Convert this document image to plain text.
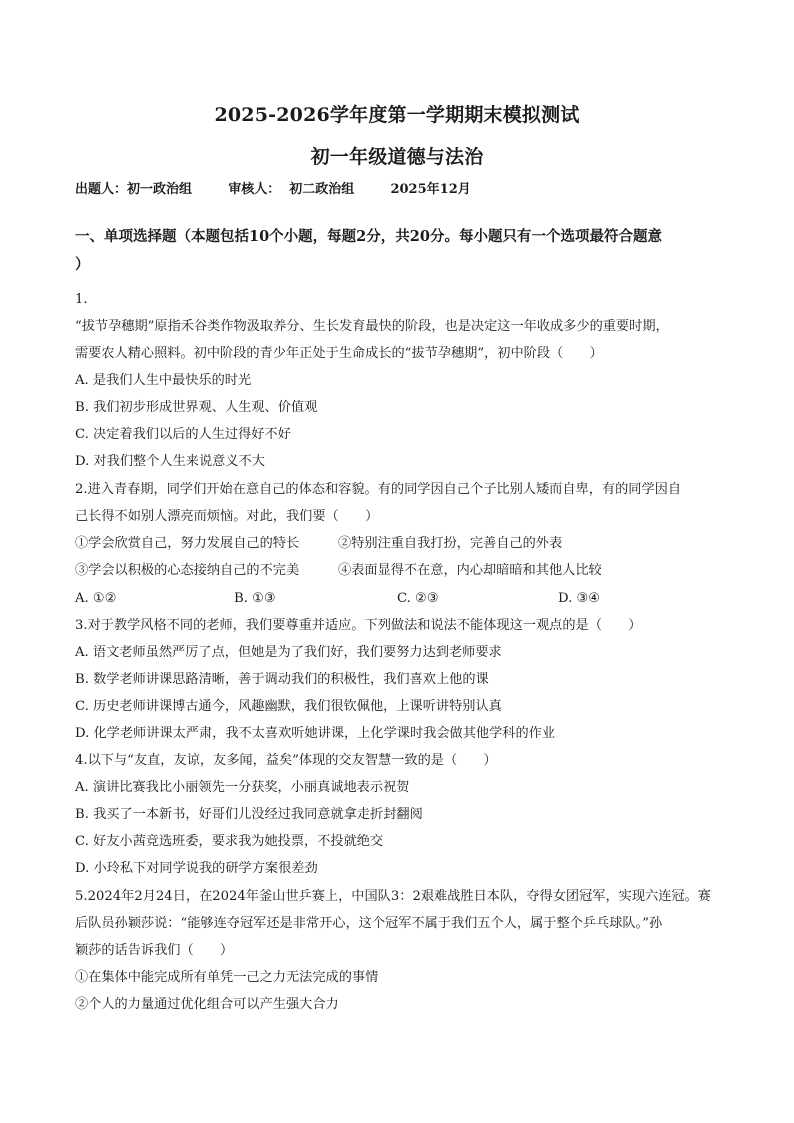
2025-2026学年度第一学期期末模拟测试
初一年级道德与法治
出题人：初一政治组        审核人：  初二政治组        2025年12月
一、单项选择题（本题包括10个小题，每题2分，共20分。每小题只有一个选项最符合题意
）
1.
“拔节孕穗期”原指禾谷类作物汲取养分、生长发育最快的阶段，也是决定这一年收成多少的重要时期，
需要农人精心照料。初中阶段的青少年正处于生命成长的“拔节孕穗期”，初中阶段（　　）
A. 是我们人生中最快乐的时光
B. 我们初步形成世界观、人生观、价值观
C. 决定着我们以后的人生过得好不好
D. 对我们整个人生来说意义不大
2.进入青春期，同学们开始在意自己的体态和容貌。有的同学因自己个子比别人矮而自卑，有的同学因自
己长得不如别人漂亮而烦恼。对此，我们要（　　）
①学会欣赏自己，努力发展自己的特长	②特别注重自我打扮，完善自己的外表
③学会以积极的心态接纳自己的不完美	④表面显得不在意，内心却暗暗和其他人比较
A. ①②	B. ①③	C. ②③	D. ③④
3.对于教学风格不同的老师，我们要尊重并适应。下列做法和说法不能体现这一观点的是（　　）
A. 语文老师虽然严厉了点，但她是为了我们好，我们要努力达到老师要求
B. 数学老师讲课思路清晰，善于调动我们的积极性，我们喜欢上他的课
C. 历史老师讲课博古通今，风趣幽默，我们很钦佩他，上课听讲特别认真
D. 化学老师讲课太严肃，我不太喜欢听她讲课，上化学课时我会做其他学科的作业
4.以下与“友直，友谅，友多闻，益矣”体现的交友智慧一致的是（　　）
A. 演讲比赛我比小丽领先一分获奖，小丽真诚地表示祝贺
B. 我买了一本新书，好哥们儿没经过我同意就拿走折封翻阅
C. 好友小茜竞选班委，要求我为她投票，不投就绝交
D. 小玲私下对同学说我的研学方案很差劲
5.2024年2月24日，在2024年釜山世乒赛上，中国队3：2艰难战胜日本队，夺得女团冠军，实现六连冠。赛
后队员孙颖莎说：“能够连夺冠军还是非常开心，这个冠军不属于我们五个人，属于整个乒乓球队。”孙
颖莎的话告诉我们（　　）
①在集体中能完成所有单凭一己之力无法完成的事情
②个人的力量通过优化组合可以产生强大合力
